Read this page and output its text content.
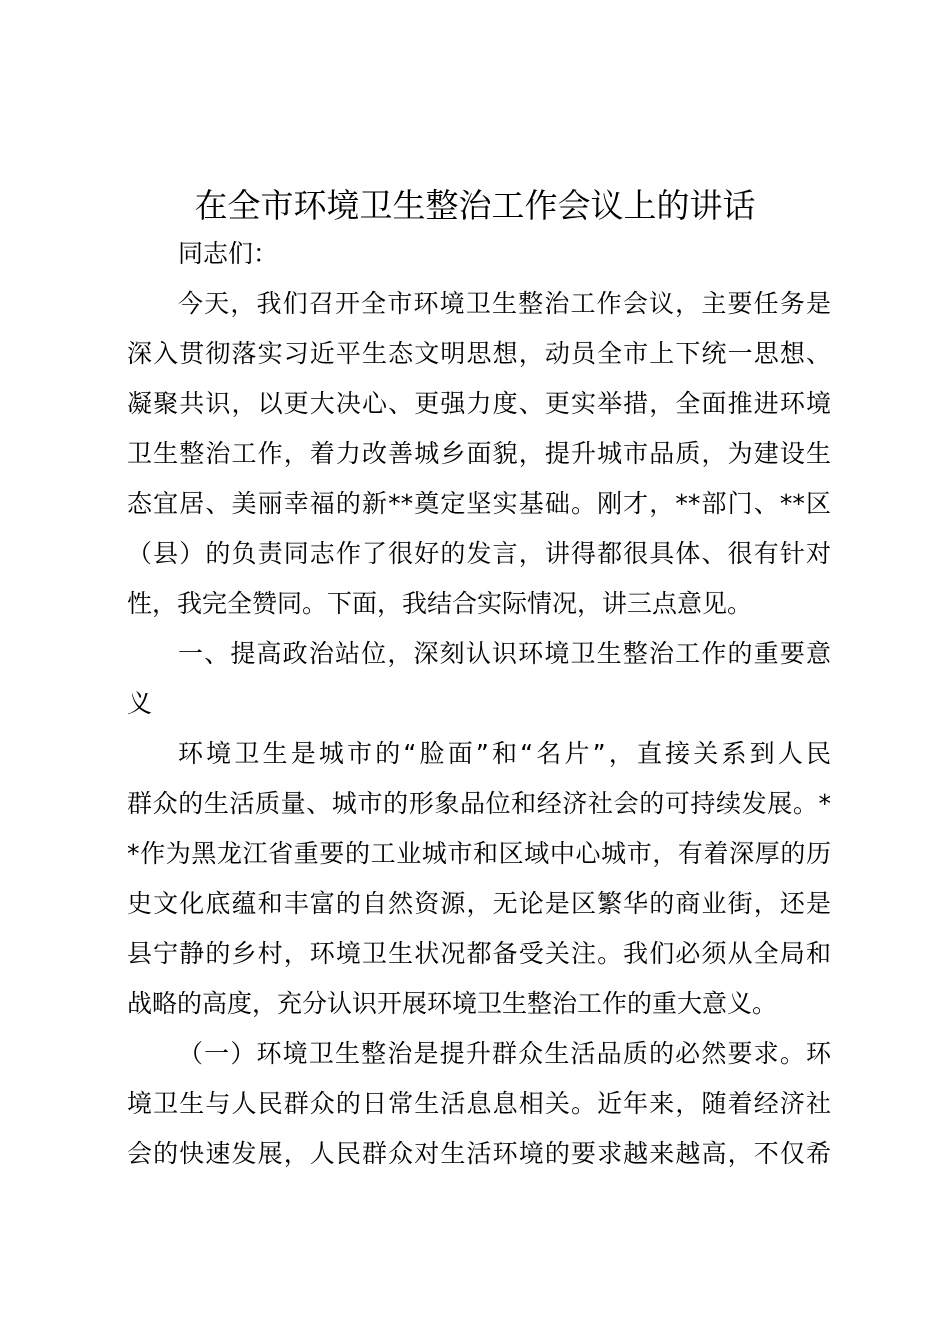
在全市环境卫生整治工作会议上的讲话
同志们：
今天，我们召开全市环境卫生整治工作会议，主要任务是
深入贯彻落实习近平生态文明思想，动员全市上下统一思想、
凝聚共识，以更大决心、更强力度、更实举措，全面推进环境
卫生整治工作，着力改善城乡面貌，提升城市品质，为建设生
态宜居、美丽幸福的新**奠定坚实基础。刚才，**部门、**区
（县）的负责同志作了很好的发言，讲得都很具体、很有针对
性，我完全赞同。下面，我结合实际情况，讲三点意见。
一、提高政治站位，深刻认识环境卫生整治工作的重要意
义
环境卫生是城市的“脸面”和“名片”，直接关系到人民
群众的生活质量、城市的形象品位和经济社会的可持续发展。*
*作为黑龙江省重要的工业城市和区域中心城市，有着深厚的历
史文化底蕴和丰富的自然资源，无论是区繁华的商业街，还是
县宁静的乡村，环境卫生状况都备受关注。我们必须从全局和
战略的高度，充分认识开展环境卫生整治工作的重大意义。
（一）环境卫生整治是提升群众生活品质的必然要求。环
境卫生与人民群众的日常生活息息相关。近年来，随着经济社
会的快速发展，人民群众对生活环境的要求越来越高，不仅希
